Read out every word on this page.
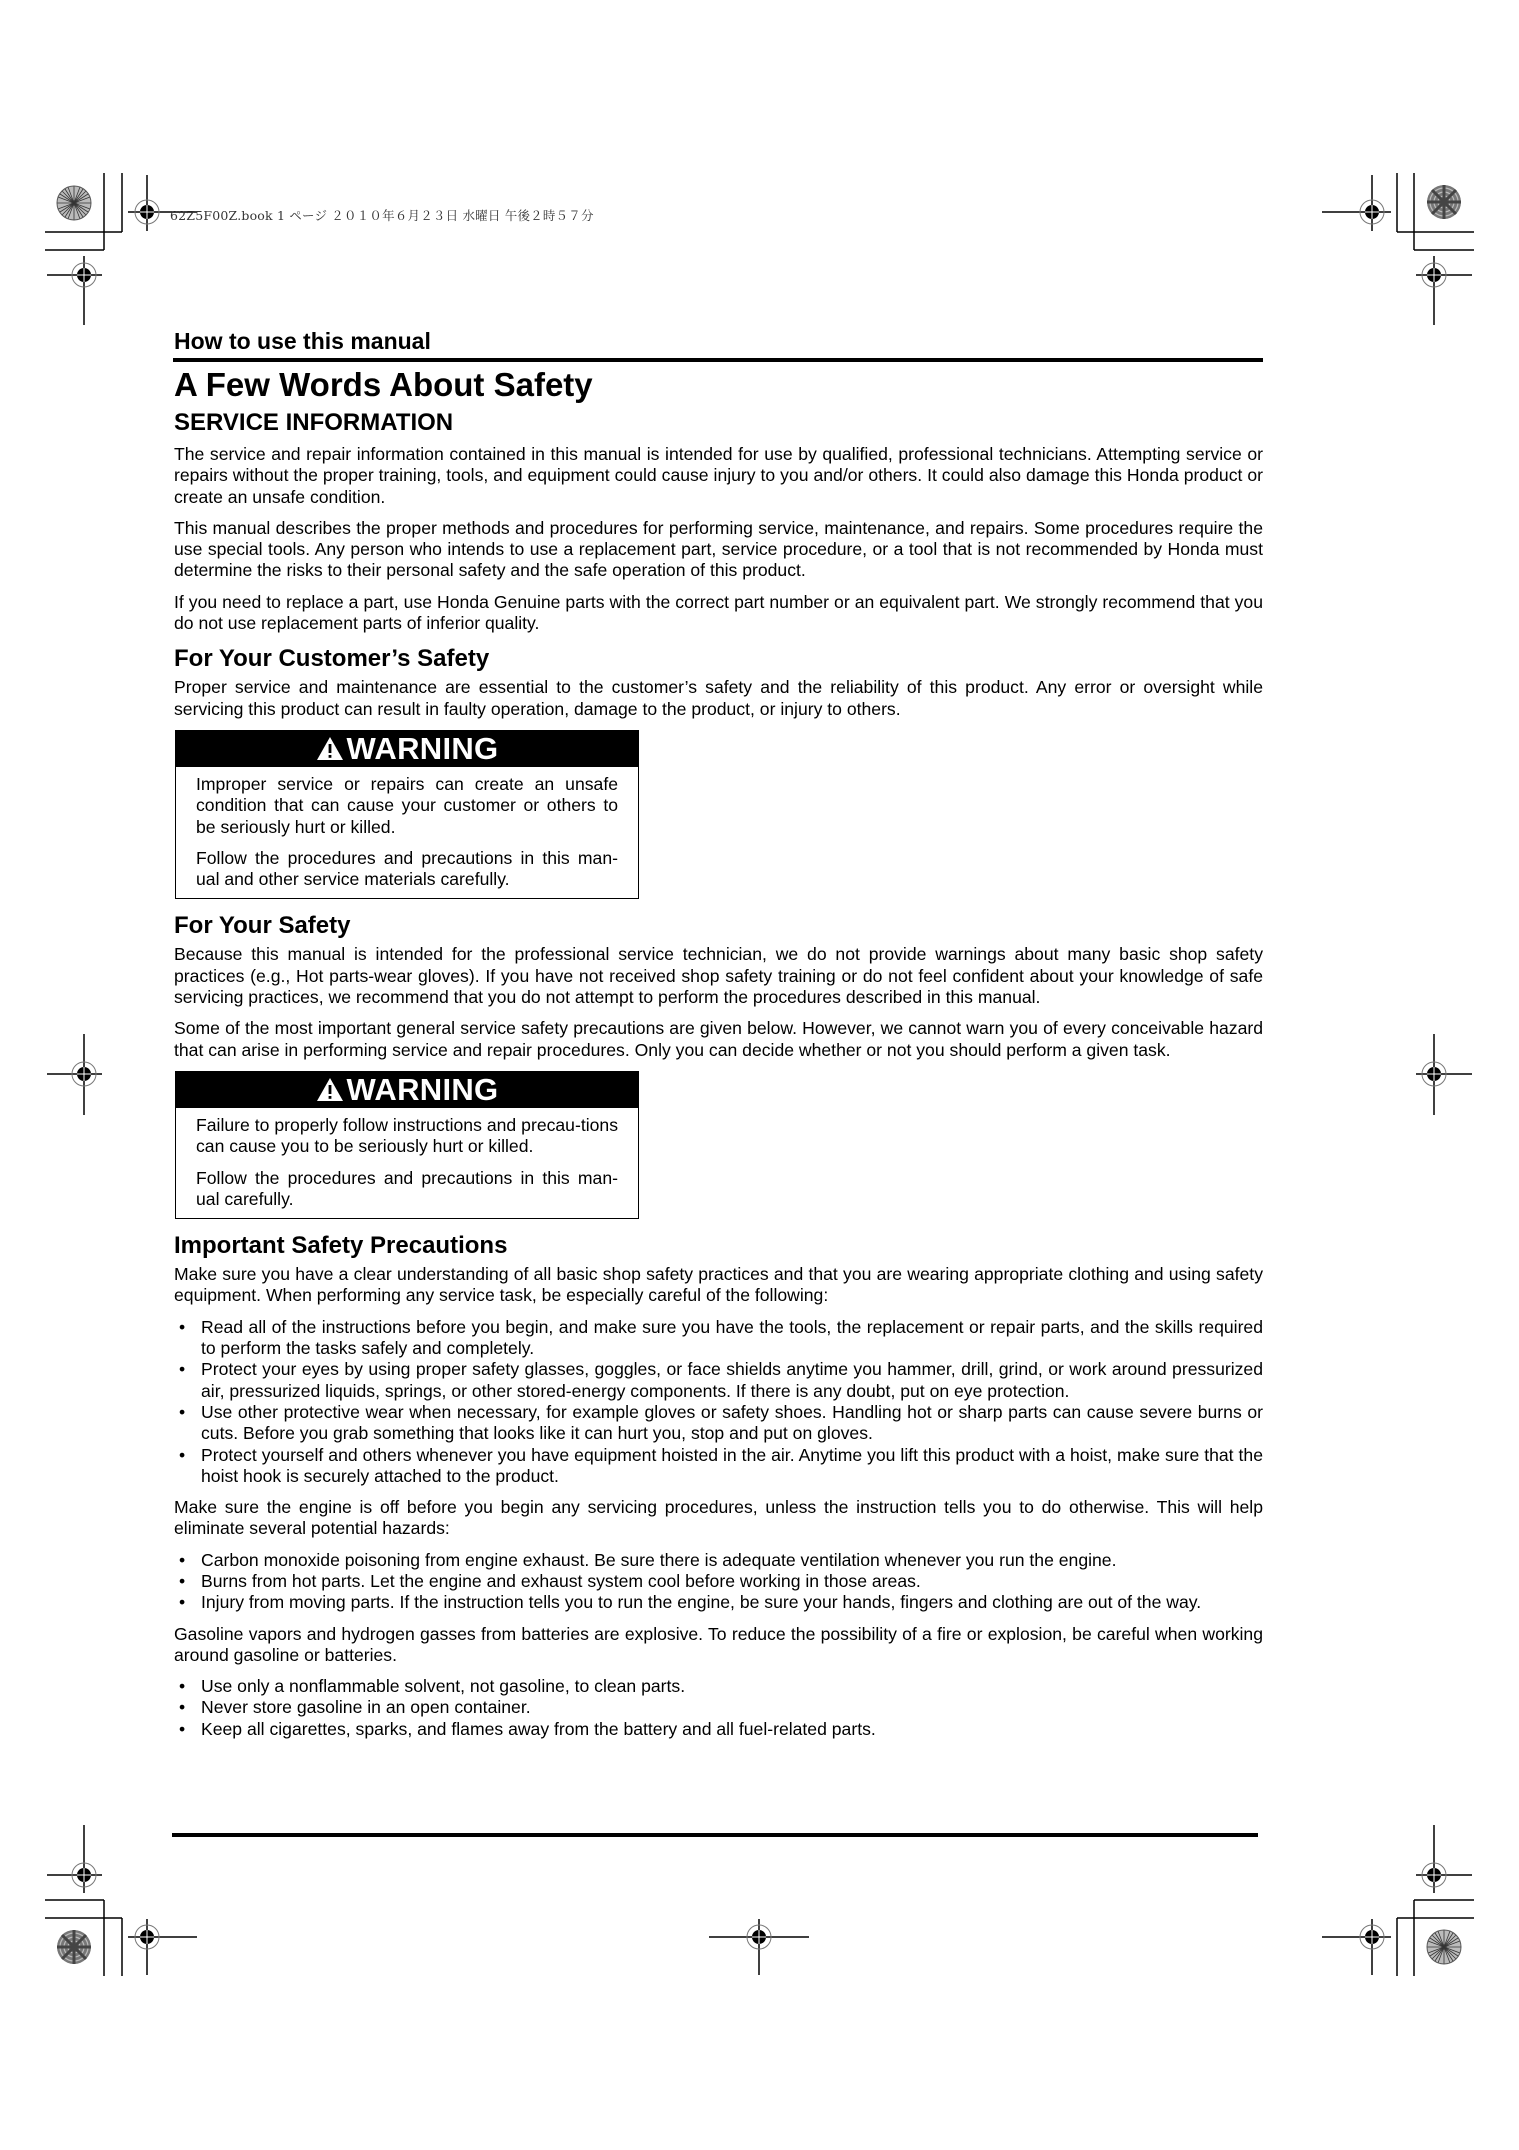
62Z5F00Z.book 1 ページ ２０１０年６月２３日 水曜日 午後２時５７分
How to use this manual
A Few Words About Safety
SERVICE INFORMATION

The service and repair information contained in this manual is intended for use by qualified, professional technicians. Attempting service or repairs without the proper training, tools, and equipment could cause injury to you and/or others. It could also damage this Honda product or create an unsafe condition.

This manual describes the proper methods and procedures for performing service, maintenance, and repairs. Some procedures require the use special tools. Any person who intends to use a replacement part, service procedure, or a tool that is not recommended by Honda must determine the risks to their personal safety and the safe operation of this product.

If you need to replace a part, use Honda Genuine parts with the correct part number or an equivalent part. We strongly recommend that you do not use replacement parts of inferior quality.

For Your Customer’s Safety

Proper service and maintenance are essential to the customer’s safety and the reliability of this product. Any error or oversight while servicing this product can result in faulty operation, damage to the product, or injury to others.

WARNING

Improper service or repairs can create an unsafe condition that can cause your customer or others to be seriously hurt or killed.

Follow the procedures and precautions in this man-ual and other service materials carefully.

For Your Safety

Because this manual is intended for the professional service technician, we do not provide warnings about many basic shop safety practices (e.g., Hot parts-wear gloves). If you have not received shop safety training or do not feel confident about your knowledge of safe servicing practices, we recommend that you do not attempt to perform the procedures described in this manual.

Some of the most important general service safety precautions are given below. However, we cannot warn you of every conceivable hazard that can arise in performing service and repair procedures. Only you can decide whether or not you should perform a given task.

WARNING

Failure to properly follow instructions and precau-tions can cause you to be seriously hurt or killed.

Follow the procedures and precautions in this man-ual carefully.

Important Safety Precautions

Make sure you have a clear understanding of all basic shop safety practices and that you are wearing appropriate clothing and using safety equipment. When performing any service task, be especially careful of the following:

• Read all of the instructions before you begin, and make sure you have the tools, the replacement or repair parts, and the skills required to perform the tasks safely and completely.
• Protect your eyes by using proper safety glasses, goggles, or face shields anytime you hammer, drill, grind, or work around pressurized air, pressurized liquids, springs, or other stored-energy components. If there is any doubt, put on eye protection.
• Use other protective wear when necessary, for example gloves or safety shoes. Handling hot or sharp parts can cause severe burns or cuts. Before you grab something that looks like it can hurt you, stop and put on gloves.
• Protect yourself and others whenever you have equipment hoisted in the air. Anytime you lift this product with a hoist, make sure that the hoist hook is securely attached to the product.

Make sure the engine is off before you begin any servicing procedures, unless the instruction tells you to do otherwise. This will help eliminate several potential hazards:

• Carbon monoxide poisoning from engine exhaust. Be sure there is adequate ventilation whenever you run the engine.
• Burns from hot parts. Let the engine and exhaust system cool before working in those areas.
• Injury from moving parts. If the instruction tells you to run the engine, be sure your hands, fingers and clothing are out of the way.

Gasoline vapors and hydrogen gasses from batteries are explosive. To reduce the possibility of a fire or explosion, be careful when working around gasoline or batteries.

• Use only a nonflammable solvent, not gasoline, to clean parts.
• Never store gasoline in an open container.
• Keep all cigarettes, sparks, and flames away from the battery and all fuel-related parts.
